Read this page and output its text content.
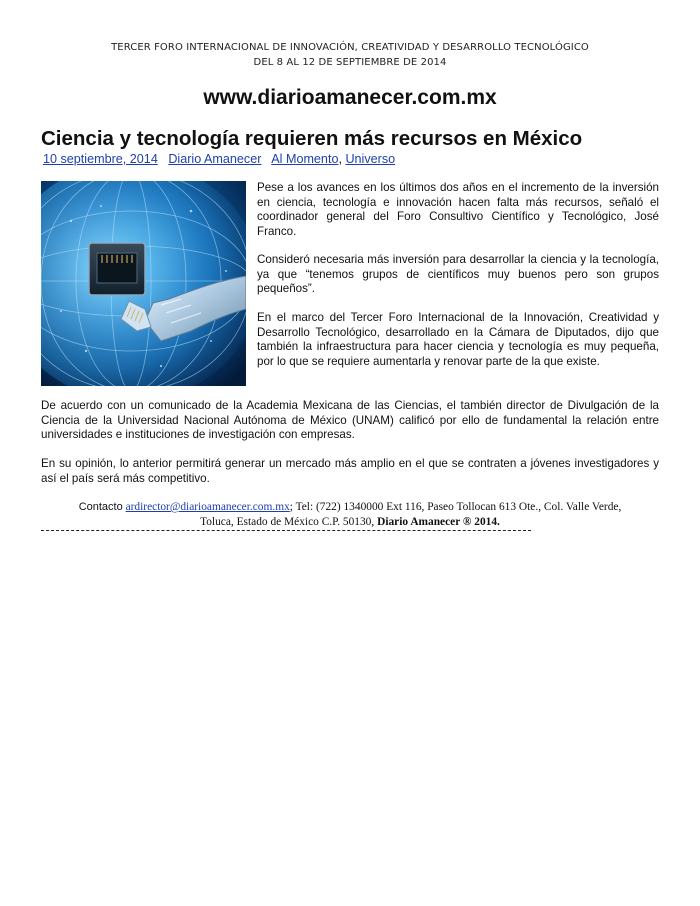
TERCER FORO INTERNACIONAL DE INNOVACIÓN, CREATIVIDAD Y DESARROLLO TECNOLÓGICO
DEL 8 AL 12 DE SEPTIEMBRE DE 2014
www.diarioamanecer.com.mx
Ciencia y tecnología requieren más recursos en México
10 septiembre, 2014 Diario Amanecer Al Momento, Universo

Pese a los avances en los últimos dos años en el incremento de la inversión en ciencia, tecnología e innovación hacen falta más recursos, señaló el coordinador general del Foro Consultivo Científico y Tecnológico, José Franco.

Consideró necesaria más inversión para desarrollar la ciencia y la tecnología, ya que “tenemos grupos de científicos muy buenos pero son grupos pequeños”.

En el marco del Tercer Foro Internacional de la Innovación, Creatividad y Desarrollo Tecnológico, desarrollado en la Cámara de Diputados, dijo que también la infraestructura para hacer ciencia y tecnología es muy pequeña, por lo que se requiere aumentarla y renovar parte de la que existe.

De acuerdo con un comunicado de la Academia Mexicana de las Ciencias, el también director de Divulgación de la Ciencia de la Universidad Nacional Autónoma de México (UNAM) calificó por ello de fundamental la relación entre universidades e instituciones de investigación con empresas.

En su opinión, lo anterior permitirá generar un mercado más amplio en el que se contraten a jóvenes investigadores y así el país será más competitivo.

Contacto ardirector@diarioamanecer.com.mx; Tel: (722) 1340000 Ext 116, Paseo Tollocan 613 Ote., Col. Valle Verde,
Toluca, Estado de México C.P. 50130, Diario Amanecer ® 2014.
